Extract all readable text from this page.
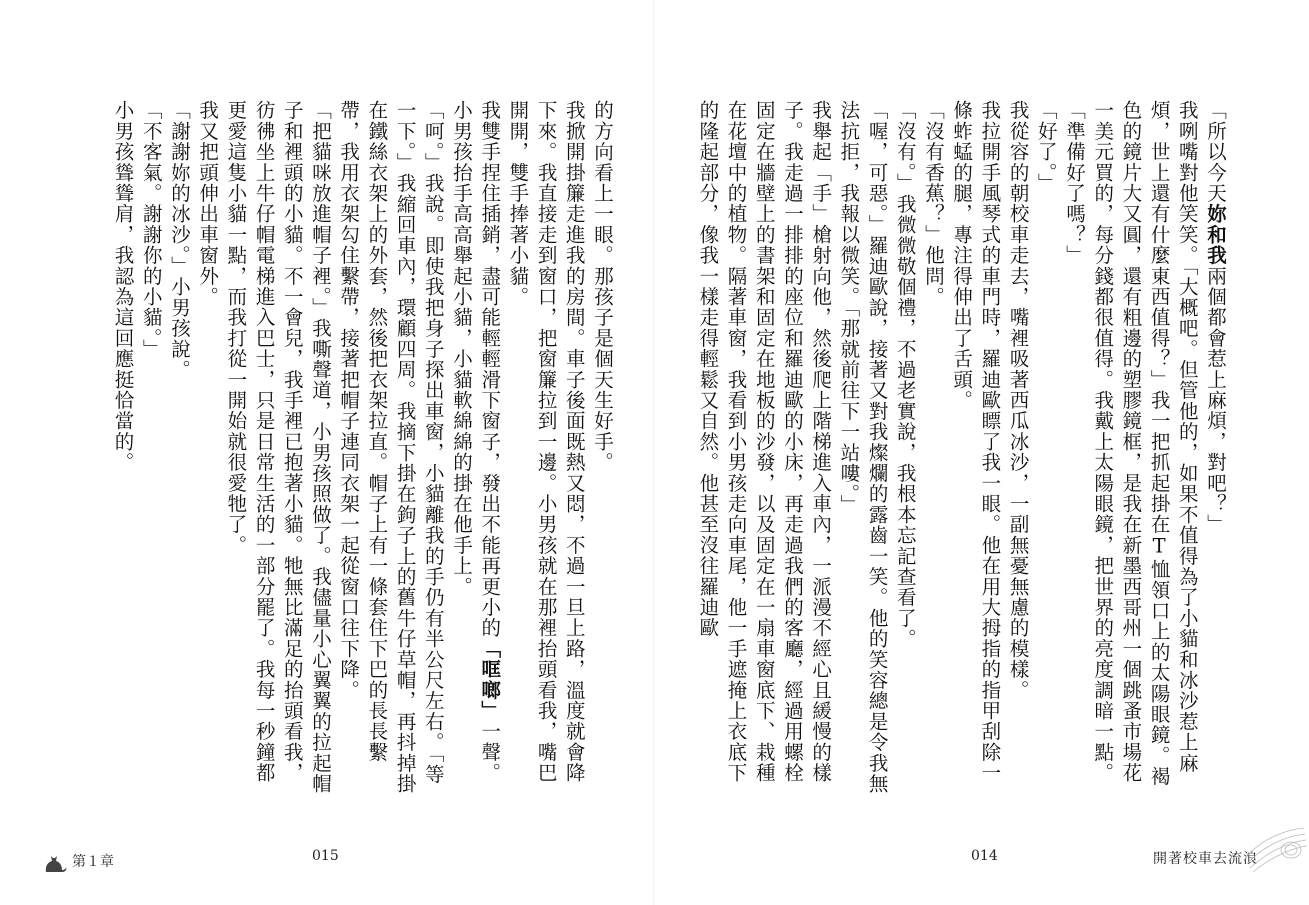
的方向看上一眼。那孩子是個天生好手。
我掀開掛簾走進我的房間。車子後面既熱又悶，不過一旦上路，溫度就會降下來。我直接走到窗口，把窗簾拉到一邊。小男孩就在那裡抬頭看我，嘴巴開開，雙手捧著小貓。
我雙手捏住插銷，盡可能輕輕滑下窗子，發出不能再更小的「哐啷」一聲。小男孩抬手高高舉起小貓，小貓軟綿綿的掛在他手上。
「呵。」我說。即使我把身子探出車窗，小貓離我的手仍有半公尺左右。「等一下。」我縮回車內，環顧四周。我摘下掛在鉤子上的舊牛仔草帽，再抖掉掛在鐵絲衣架上的外套，然後把衣架拉直。帽子上有一條套住下巴的長長繫帶，我用衣架勾住繫帶，接著把帽子連同衣架一起從窗口往下降。
「把貓咪放進帽子裡。」我嘶聲道，小男孩照做了。我儘量小心翼翼的拉起帽子和裡頭的小貓。不一會兒，我手裡已抱著小貓。牠無比滿足的抬頭看我，彷彿坐上牛仔帽電梯進入巴士，只是日常生活的一部分罷了。我每一秒鐘都更愛這隻小貓一點，而我打從一開始就很愛牠了。
我又把頭伸出車窗外。
「謝謝妳的冰沙。」小男孩說。
「不客氣。謝謝你的小貓。」
小男孩聳聳肩，我認為這回應挺恰當的。
第１章	015
「所以今天妳和我兩個都會惹上麻煩，對吧？」
我咧嘴對他笑笑。「大概吧。但管他的，如果不值得為了小貓和冰沙惹上麻煩，世上還有什麼東西值得？」我一把抓起掛在T恤領口上的太陽眼鏡。褐色的鏡片大又圓，還有粗邊的塑膠鏡框，是我在新墨西哥州一個跳蚤市場花一美元買的，每分錢都很值得。我戴上太陽眼鏡，把世界的亮度調暗一點。「準備好了嗎？」
「好了。」
我從容的朝校車走去，嘴裡吸著西瓜冰沙，一副無憂無慮的模樣。
我拉開手風琴式的車門時，羅迪歐瞟了我一眼。他在用大拇指的指甲刮除一條蚱蜢的腿，專注得伸出了舌頭。
「沒有香蕉？」他問。
「沒有。」我微微敬個禮，不過老實說，我根本忘記查看了。
「喔，可惡。」羅迪歐說，接著又對我燦爛的露齒一笑。他的笑容總是令我無法抗拒，我報以微笑。「那就前往下一站嘍。」
我舉起「手」槍射向他，然後爬上階梯進入車內，一派漫不經心且緩慢的樣子。我走過一排排的座位和羅迪歐的小床，再走過我們的客廳，經過用螺栓固定在牆壁上的書架和固定在地板的沙發，以及固定在一扇車窗底下、栽種在花壇中的植物。隔著車窗，我看到小男孩走向車尾，他一手遮掩上衣底下的隆起部分，像我一樣走得輕鬆又自然。他甚至沒往羅迪歐
014	開著校車去流浪
